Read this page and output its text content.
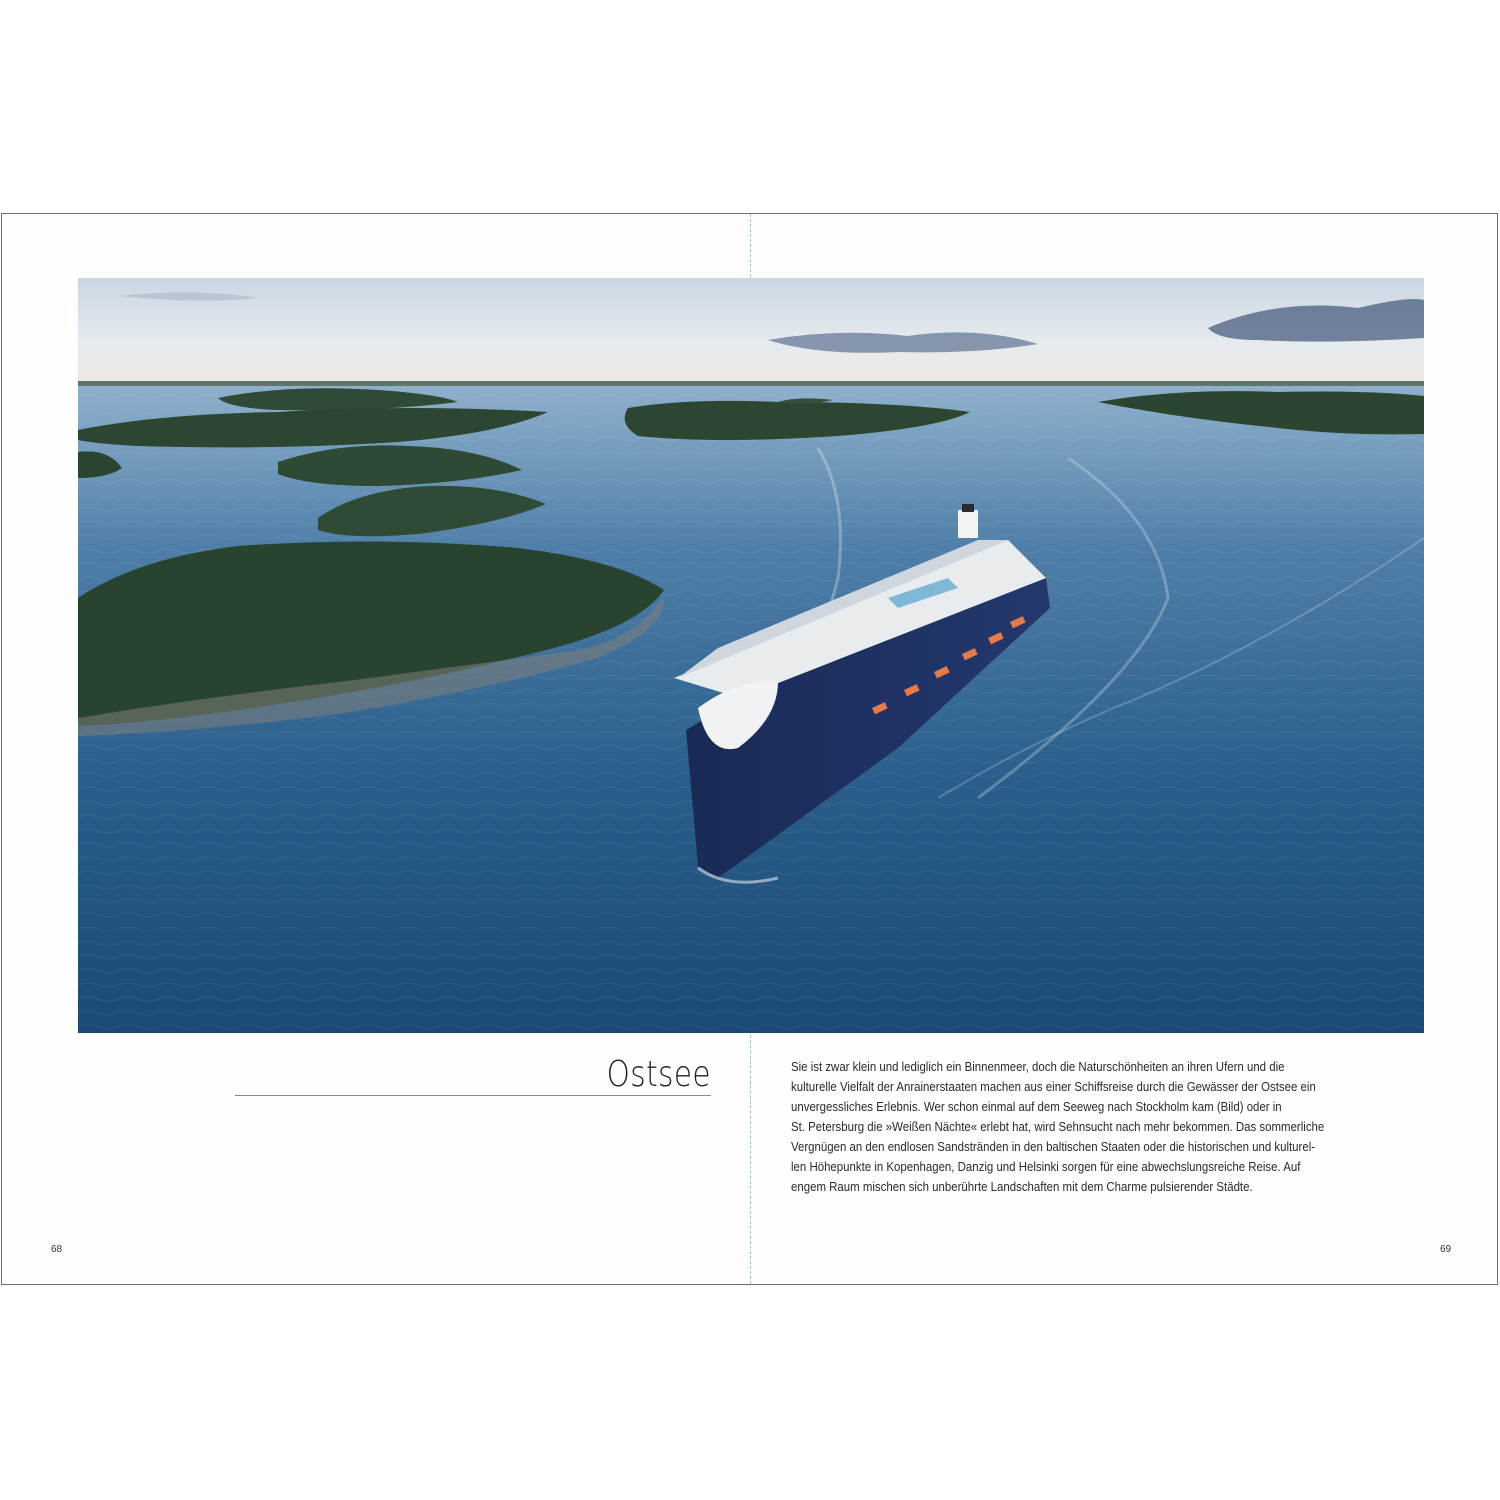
Ostsee	Sie ist zwar klein und lediglich ein Binnenmeer, doch die Naturschönheiten an ihren Ufern und die
kulturelle Vielfalt der Anrainerstaaten machen aus einer Schiffsreise durch die Gewässer der Ostsee ein
unvergessliches Erlebnis. Wer schon einmal auf dem Seeweg nach Stockholm kam (Bild) oder in
St. Petersburg die »Weißen Nächte« erlebt hat, wird Sehnsucht nach mehr bekommen. Das sommerliche
Vergnügen an den endlosen Sandstränden in den baltischen Staaten oder die historischen und kulturel-
len Höhepunkte in Kopenhagen, Danzig und Helsinki sorgen für eine abwechslungsreiche Reise. Auf
engem Raum mischen sich unberührte Landschaften mit dem Charme pulsierender Städte.
68	69
